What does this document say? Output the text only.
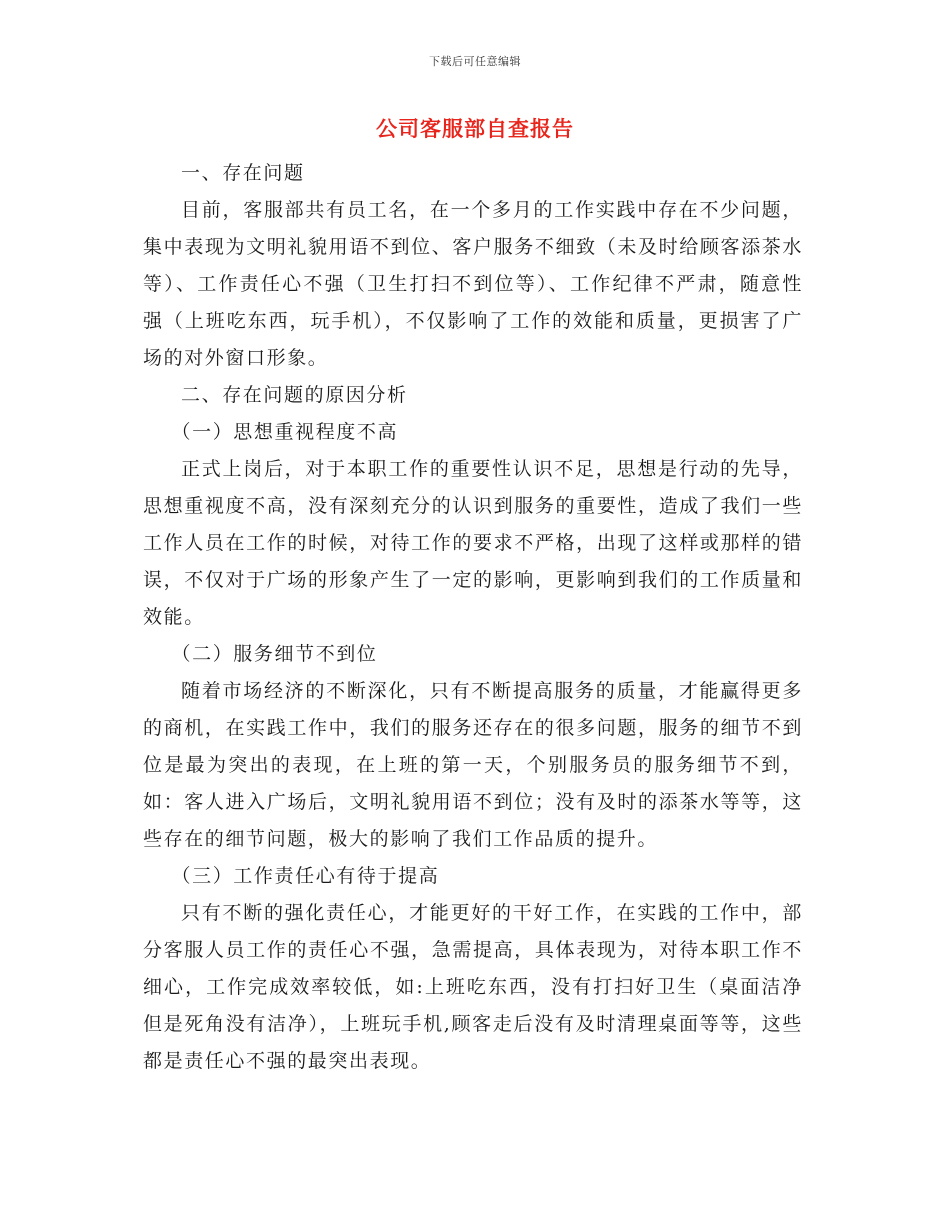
下载后可任意编辑
公司客服部自查报告

一、存在问题

目前，客服部共有员工名，在一个多月的工作实践中存在不少问题，集中表现为文明礼貌用语不到位、客户服务不细致（未及时给顾客添茶水等）、工作责任心不强（卫生打扫不到位等）、工作纪律不严肃，随意性强（上班吃东西，玩手机），不仅影响了工作的效能和质量，更损害了广场的对外窗口形象。

二、存在问题的原因分析

（一）思想重视程度不高

正式上岗后，对于本职工作的重要性认识不足，思想是行动的先导，思想重视度不高，没有深刻充分的认识到服务的重要性，造成了我们一些工作人员在工作的时候，对待工作的要求不严格，出现了这样或那样的错误，不仅对于广场的形象产生了一定的影响，更影响到我们的工作质量和效能。

（二）服务细节不到位

随着市场经济的不断深化，只有不断提高服务的质量，才能赢得更多的商机，在实践工作中，我们的服务还存在的很多问题，服务的细节不到位是最为突出的表现，在上班的第一天，个别服务员的服务细节不到，如：客人进入广场后，文明礼貌用语不到位；没有及时的添茶水等等，这些存在的细节问题，极大的影响了我们工作品质的提升。

（三）工作责任心有待于提高

只有不断的强化责任心，才能更好的干好工作，在实践的工作中，部分客服人员工作的责任心不强，急需提高，具体表现为，对待本职工作不细心，工作完成效率较低，如:上班吃东西，没有打扫好卫生（桌面洁净但是死角没有洁净），上班玩手机,顾客走后没有及时清理桌面等等，这些都是责任心不强的最突出表现。
